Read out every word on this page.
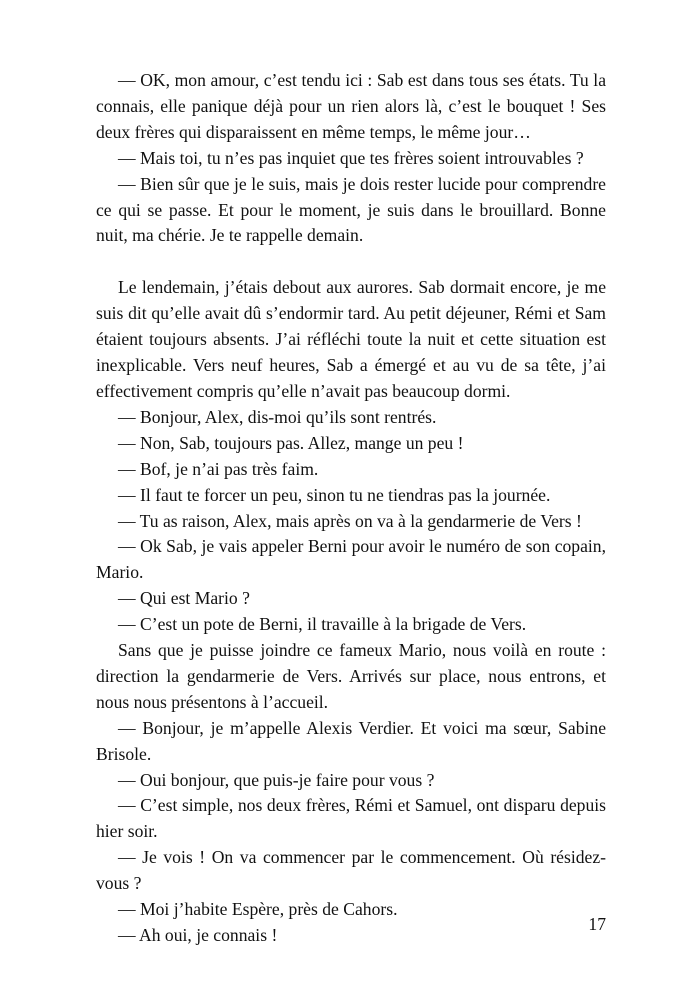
— OK, mon amour, c’est tendu ici : Sab est dans tous ses états. Tu la connais, elle panique déjà pour un rien alors là, c’est le bouquet ! Ses deux frères qui disparaissent en même temps, le même jour…

— Mais toi, tu n’es pas inquiet que tes frères soient introuvables ?

— Bien sûr que je le suis, mais je dois rester lucide pour comprendre ce qui se passe. Et pour le moment, je suis dans le brouillard. Bonne nuit, ma chérie. Je te rappelle demain.

Le lendemain, j’étais debout aux aurores. Sab dormait encore, je me suis dit qu’elle avait dû s’endormir tard. Au petit déjeuner, Rémi et Sam étaient toujours absents. J’ai réfléchi toute la nuit et cette situation est inexplicable. Vers neuf heures, Sab a émergé et au vu de sa tête, j’ai effectivement compris qu’elle n’avait pas beaucoup dormi.

— Bonjour, Alex, dis-moi qu’ils sont rentrés.

— Non, Sab, toujours pas. Allez, mange un peu !

— Bof, je n’ai pas très faim.

— Il faut te forcer un peu, sinon tu ne tiendras pas la journée.

— Tu as raison, Alex, mais après on va à la gendarmerie de Vers !

— Ok Sab, je vais appeler Berni pour avoir le numéro de son copain, Mario.

— Qui est Mario ?

— C’est un pote de Berni, il travaille à la brigade de Vers.

Sans que je puisse joindre ce fameux Mario, nous voilà en route : direction la gendarmerie de Vers. Arrivés sur place, nous entrons, et nous nous présentons à l’accueil.

— Bonjour, je m’appelle Alexis Verdier. Et voici ma sœur, Sabine Brisole.

— Oui bonjour, que puis-je faire pour vous ?

— C’est simple, nos deux frères, Rémi et Samuel, ont disparu depuis hier soir.

— Je vois ! On va commencer par le commencement. Où résidez-vous ?

— Moi j’habite Espère, près de Cahors.

— Ah oui, je connais !

17
